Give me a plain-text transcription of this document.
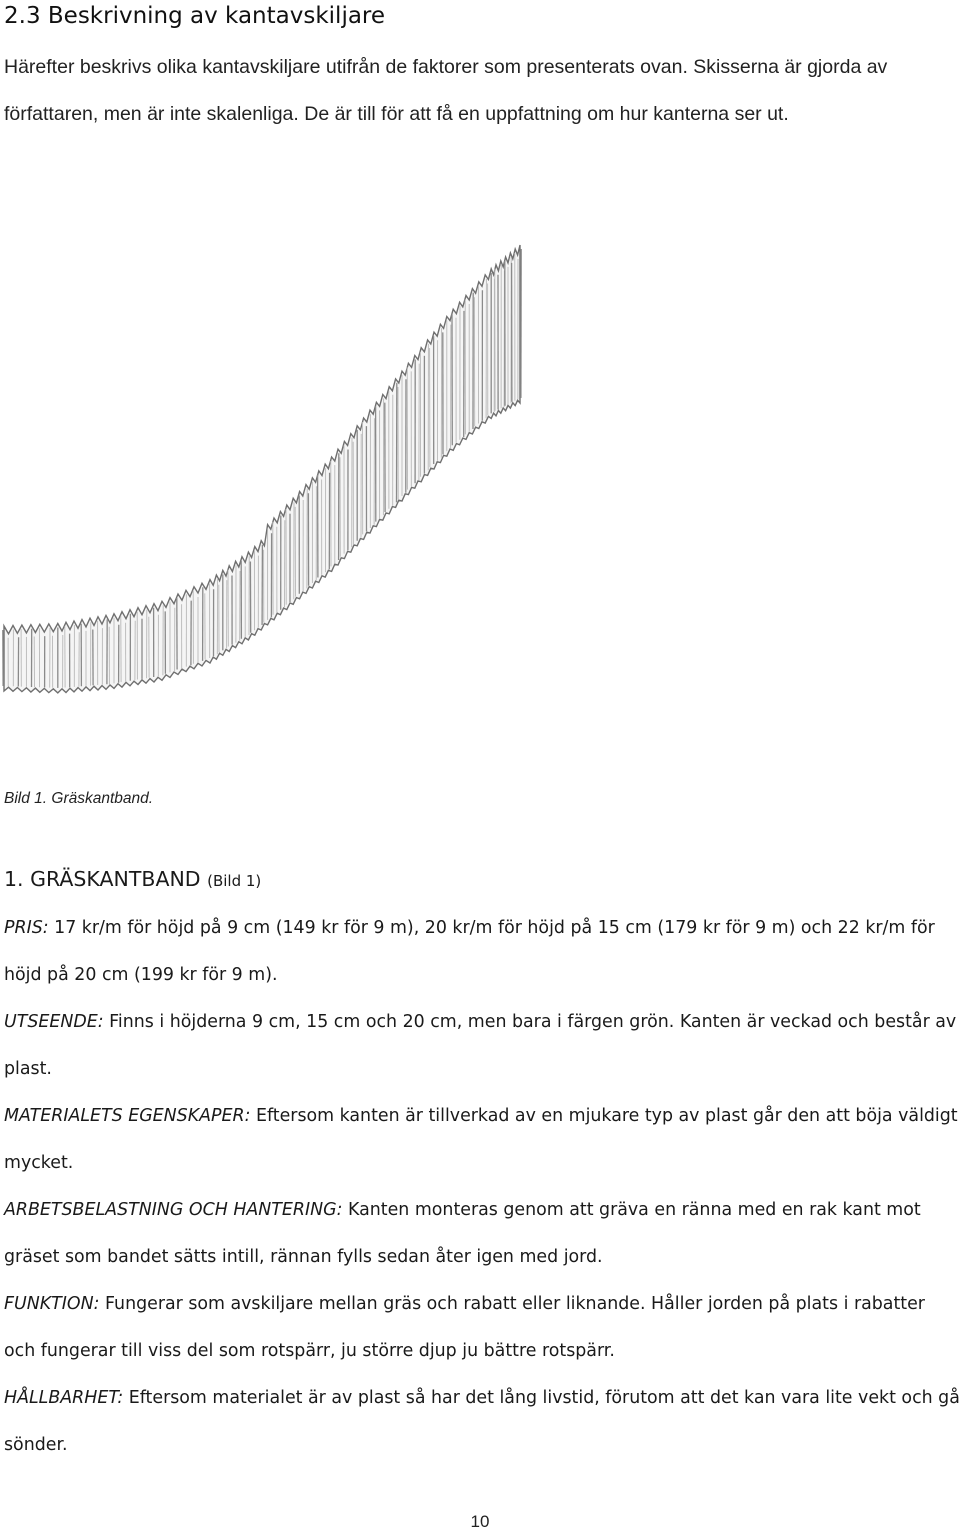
2.3 Beskrivning av kantavskiljare

Härefter beskrivs olika kantavskiljare utifrån de faktorer som presenterats ovan. Skisserna är gjorda av författaren, men är inte skalenliga. De är till för att få en uppfattning om hur kanterna ser ut.

Bild 1. Gräskantband.

1. GRÄSKANTBAND (Bild 1)

PRIS: 17 kr/m för höjd på 9 cm (149 kr för 9 m), 20 kr/m för höjd på 15 cm (179 kr för 9 m) och 22 kr/m för höjd på 20 cm (199 kr för 9 m).

UTSEENDE: Finns i höjderna 9 cm, 15 cm och 20 cm, men bara i färgen grön. Kanten är veckad och består av plast.

MATERIALETS EGENSKAPER: Eftersom kanten är tillverkad av en mjukare typ av plast går den att böja väldigt mycket.

ARBETSBELASTNING OCH HANTERING: Kanten monteras genom att gräva en ränna med en rak kant mot gräset som bandet sätts intill, rännan fylls sedan åter igen med jord.

FUNKTION: Fungerar som avskiljare mellan gräs och rabatt eller liknande. Håller jorden på plats i rabatter och fungerar till viss del som rotspärr, ju större djup ju bättre rotspärr.

HÅLLBARHET: Eftersom materialet är av plast så har det lång livstid, förutom att det kan vara lite vekt och gå sönder.

10
